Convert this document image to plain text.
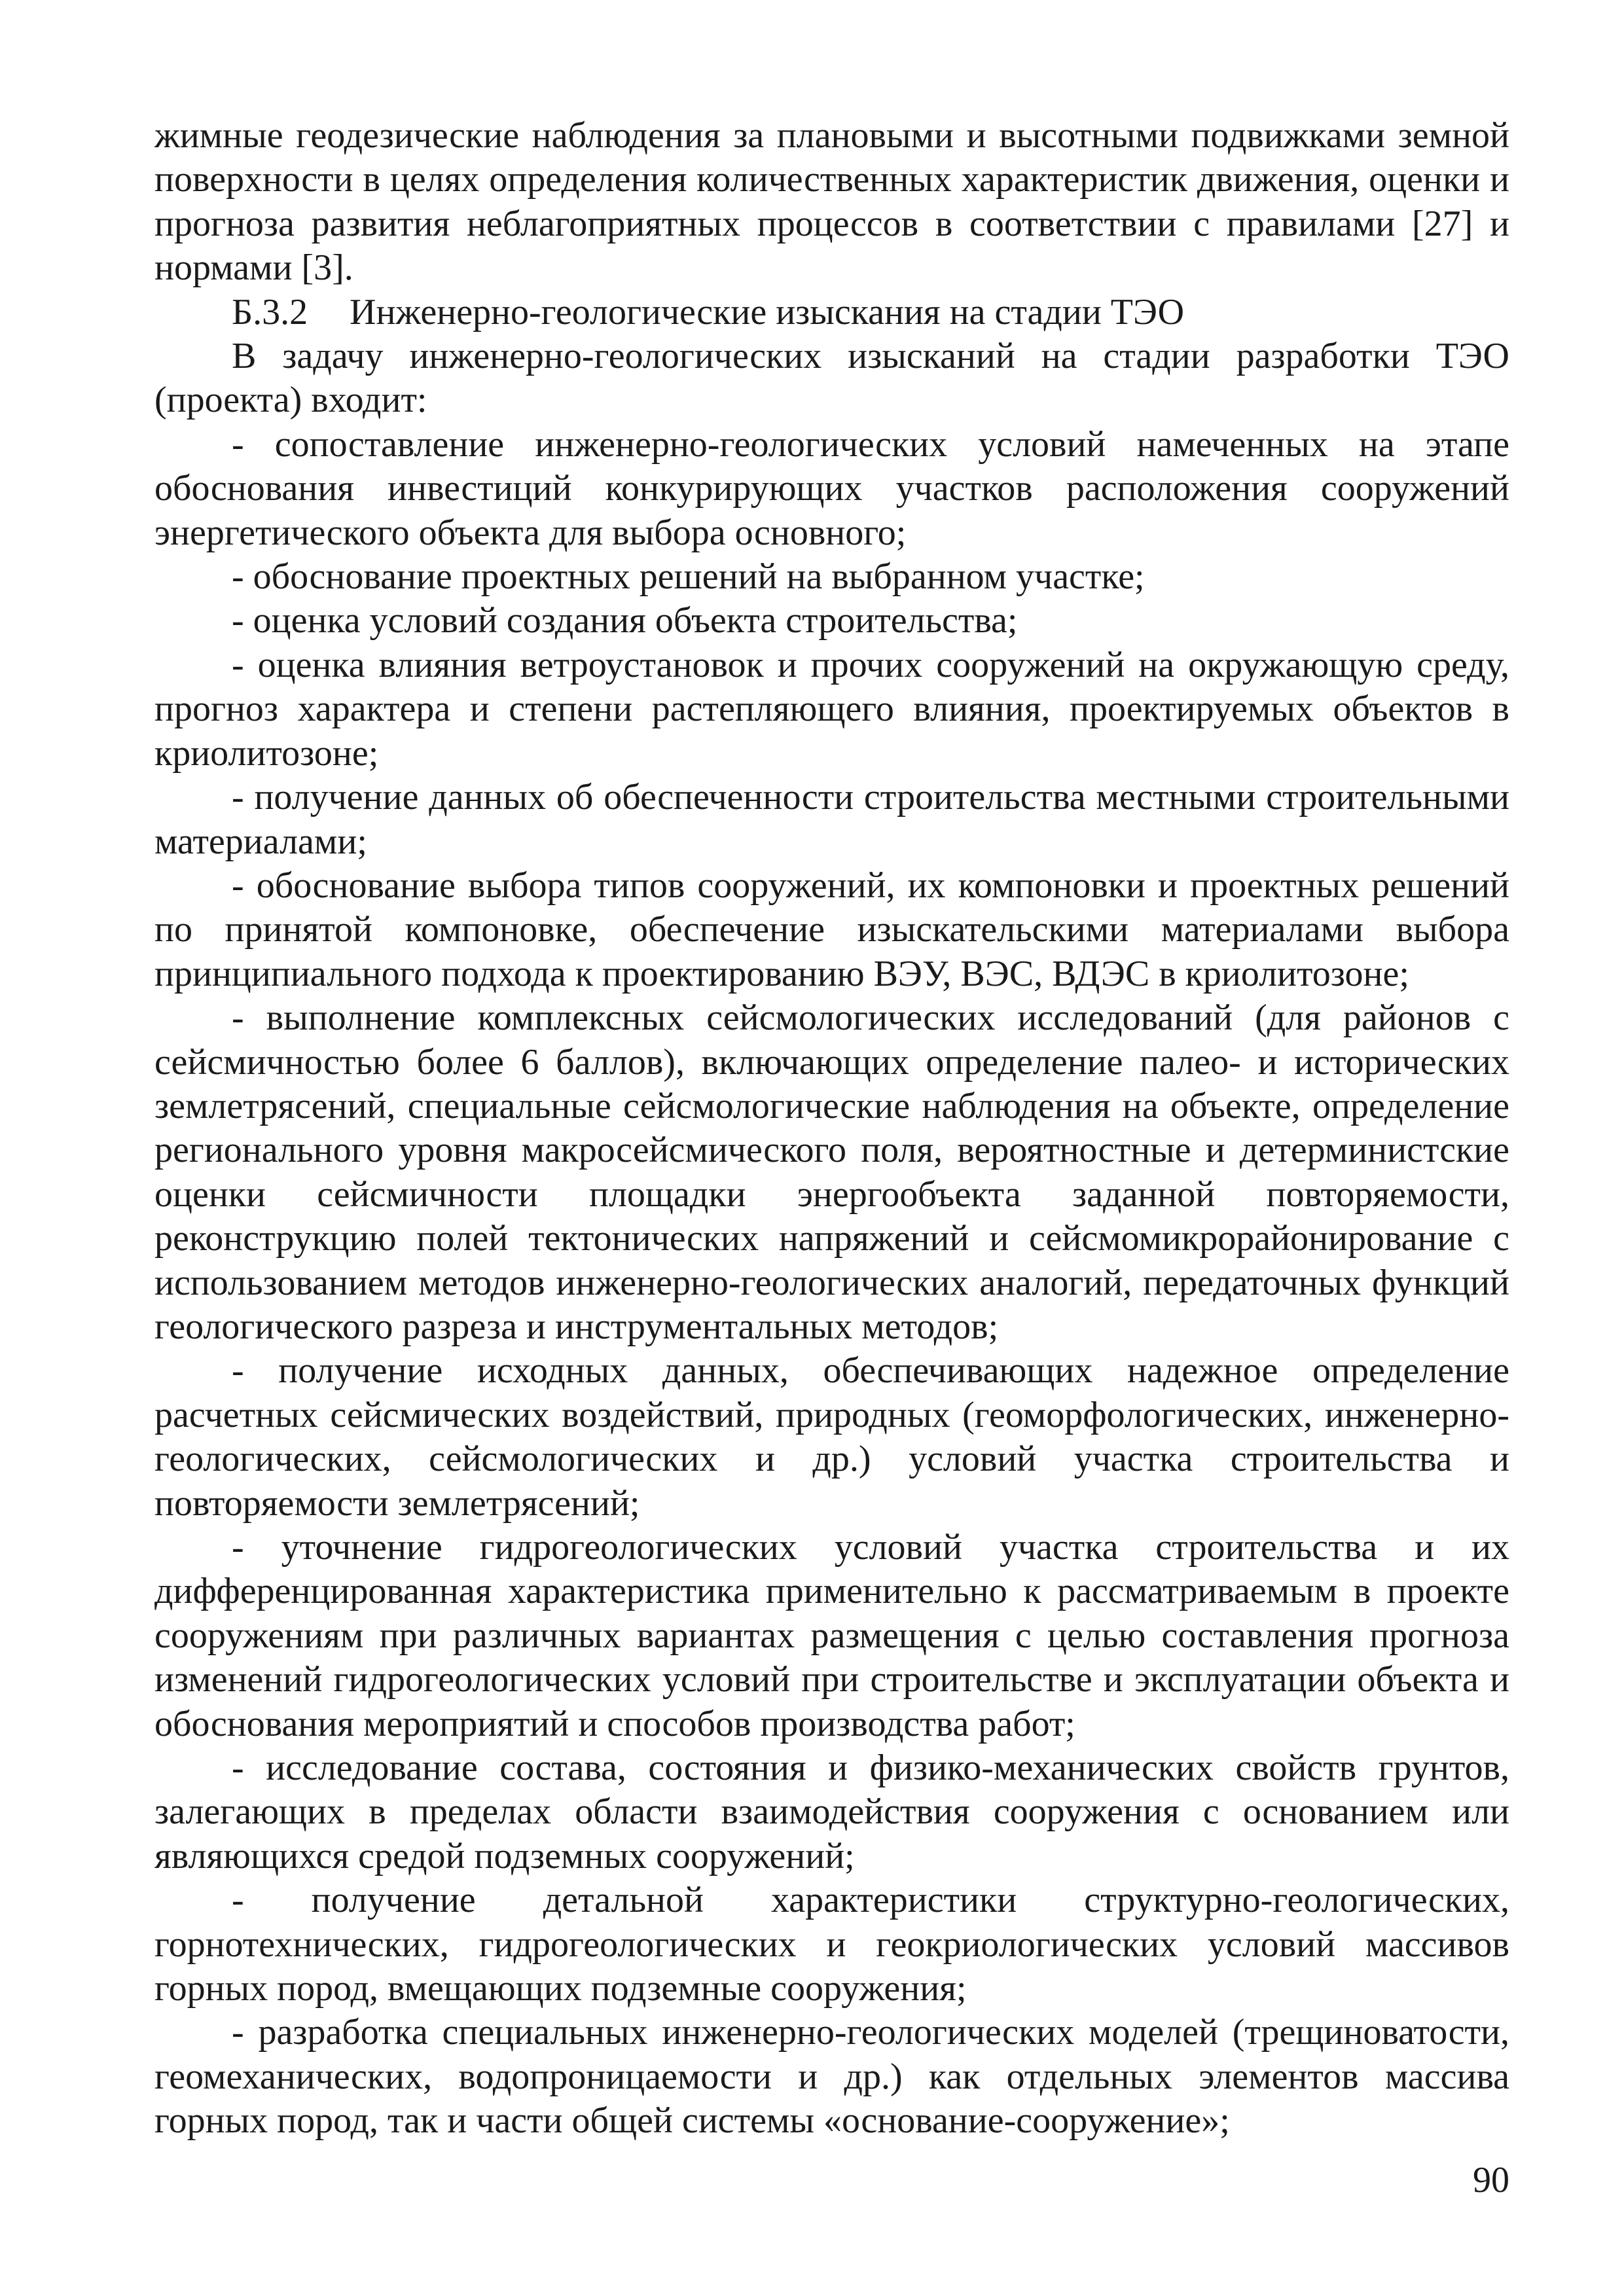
жимные геодезические наблюдения за плановыми и высотными подвижками земной поверхности в целях определения количественных характеристик движения, оценки и прогноза развития неблагоприятных процессов в соответствии с правилами [27] и нормами [3].

Б.3.2 Инженерно-геологические изыскания на стадии ТЭО

В задачу инженерно-геологических изысканий на стадии разработки ТЭО (проекта) входит:

- сопоставление инженерно-геологических условий намеченных на этапе обоснования инвестиций конкурирующих участков расположения сооружений энергетического объекта для выбора основного;

- обоснование проектных решений на выбранном участке;

- оценка условий создания объекта строительства;

- оценка влияния ветроустановок и прочих сооружений на окружающую среду, прогноз характера и степени растепляющего влияния, проектируемых объектов в криолитозоне;

- получение данных об обеспеченности строительства местными строительными материалами;

- обоснование выбора типов сооружений, их компоновки и проектных решений по принятой компоновке, обеспечение изыскательскими материалами выбора принципиального подхода к проектированию ВЭУ, ВЭС, ВДЭС в криолитозоне;

- выполнение комплексных сейсмологических исследований (для районов с сейсмичностью более 6 баллов), включающих определение палео- и исторических землетрясений, специальные сейсмологические наблюдения на объекте, определение регионального уровня макросейсмического поля, вероятностные и детерминистские оценки сейсмичности площадки энергообъекта заданной повторяемости, реконструкцию полей тектонических напряжений и сейсмомикрорайонирование с использованием методов инженерно-геологических аналогий, передаточных функций геологического разреза и инструментальных методов;

- получение исходных данных, обеспечивающих надежное определение расчетных сейсмических воздействий, природных (геоморфологических, инженерно-геологических, сейсмологических и др.) условий участка строительства и повторяемости землетрясений;

- уточнение гидрогеологических условий участка строительства и их дифференцированная характеристика применительно к рассматриваемым в проекте сооружениям при различных вариантах размещения с целью составления прогноза изменений гидрогеологических условий при строительстве и эксплуатации объекта и обоснования мероприятий и способов производства работ;

- исследование состава, состояния и физико-механических свойств грунтов, залегающих в пределах области взаимодействия сооружения с основанием или являющихся средой подземных сооружений;

- получение детальной характеристики структурно-геологических, горнотехнических, гидрогеологических и геокриологических условий массивов горных пород, вмещающих подземные сооружения;

- разработка специальных инженерно-геологических моделей (трещиноватости, геомеханических, водопроницаемости и др.) как отдельных элементов массива горных пород, так и части общей системы «основание-сооружение»;

90
